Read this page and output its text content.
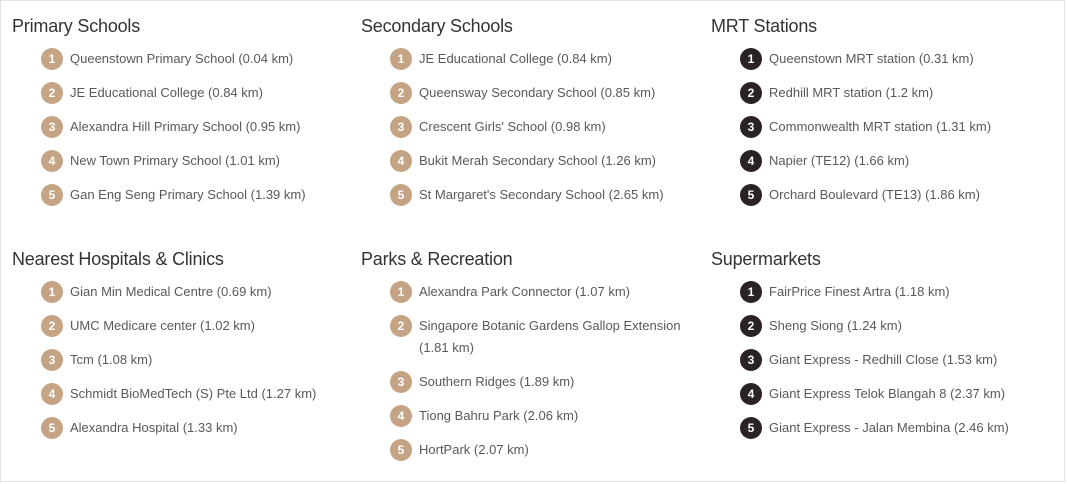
Primary Schools
1	Queenstown Primary School (0.04 km)
2	JE Educational College (0.84 km)
3	Alexandra Hill Primary School (0.95 km)
4	New Town Primary School (1.01 km)
5	Gan Eng Seng Primary School (1.39 km)
Secondary Schools
1	JE Educational College (0.84 km)
2	Queensway Secondary School (0.85 km)
3	Crescent Girls' School (0.98 km)
4	Bukit Merah Secondary School (1.26 km)
5	St Margaret's Secondary School (2.65 km)
MRT Stations
1	Queenstown MRT station (0.31 km)
2	Redhill MRT station (1.2 km)
3	Commonwealth MRT station (1.31 km)
4	Napier (TE12) (1.66 km)
5	Orchard Boulevard (TE13) (1.86 km)
Nearest Hospitals & Clinics
1	Gian Min Medical Centre (0.69 km)
2	UMC Medicare center (1.02 km)
3	Tcm (1.08 km)
4	Schmidt BioMedTech (S) Pte Ltd (1.27 km)
5	Alexandra Hospital (1.33 km)
Parks & Recreation
1	Alexandra Park Connector (1.07 km)
2	Singapore Botanic Gardens Gallop Extension (1.81 km)
3	Southern Ridges (1.89 km)
4	Tiong Bahru Park (2.06 km)
5	HortPark (2.07 km)
Supermarkets
1	FairPrice Finest Artra (1.18 km)
2	Sheng Siong (1.24 km)
3	Giant Express - Redhill Close (1.53 km)
4	Giant Express Telok Blangah 8 (2.37 km)
5	Giant Express - Jalan Membina (2.46 km)
